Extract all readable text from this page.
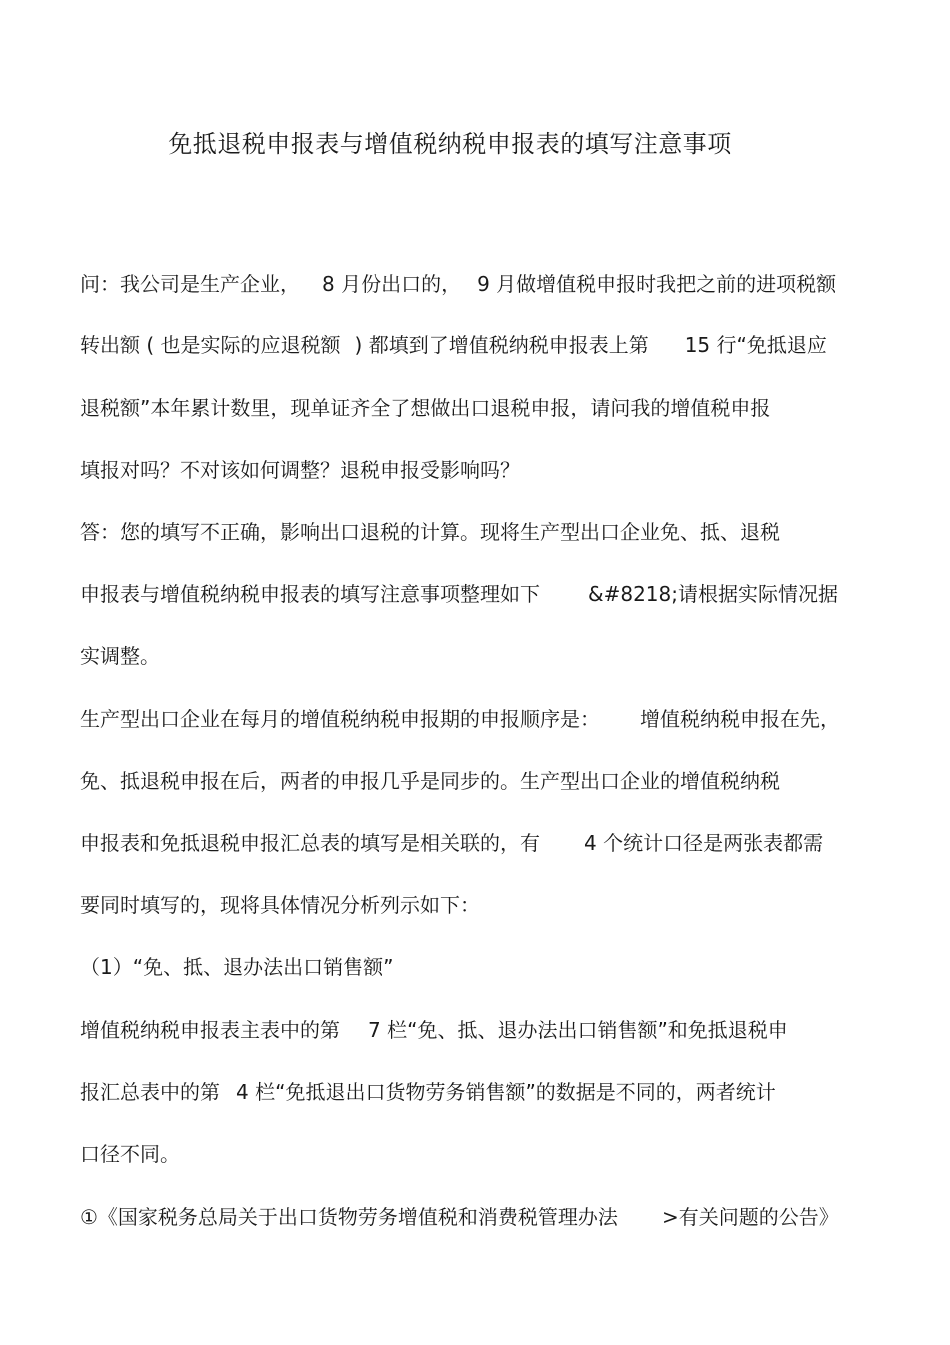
免抵退税申报表与增值税纳税申报表的填写注意事项
问：我公司是生产企业， 8 月份出口的， 9 月做增值税申报时我把之前的进项税额
转出额 ( 也是实际的应退税额 ) 都填到了增值税纳税申报表上第 15 行“免抵退应
退税额”本年累计数里，现单证齐全了想做出口退税申报，请问我的增值税申报
填报对吗？不对该如何调整？退税申报受影响吗？
答：您的填写不正确，影响出口退税的计算。现将生产型出口企业免、抵、退税
申报表与增值税纳税申报表的填写注意事项整理如下 &#8218;请根据实际情况据
实调整。
生产型出口企业在每月的增值税纳税申报期的申报顺序是： 增值税纳税申报在先，
免、抵退税申报在后，两者的申报几乎是同步的。生产型出口企业的增值税纳税
申报表和免抵退税申报汇总表的填写是相关联的，有 4 个统计口径是两张表都需
要同时填写的，现将具体情况分析列示如下：
（1）“免、抵、退办法出口销售额”
增值税纳税申报表主表中的第 7 栏“免、抵、退办法出口销售额”和免抵退税申
报汇总表中的第 4 栏“免抵退出口货物劳务销售额”的数据是不同的，两者统计
口径不同。
①《国家税务总局关于出口货物劳务增值税和消费税管理办法 >有关问题的公告》
